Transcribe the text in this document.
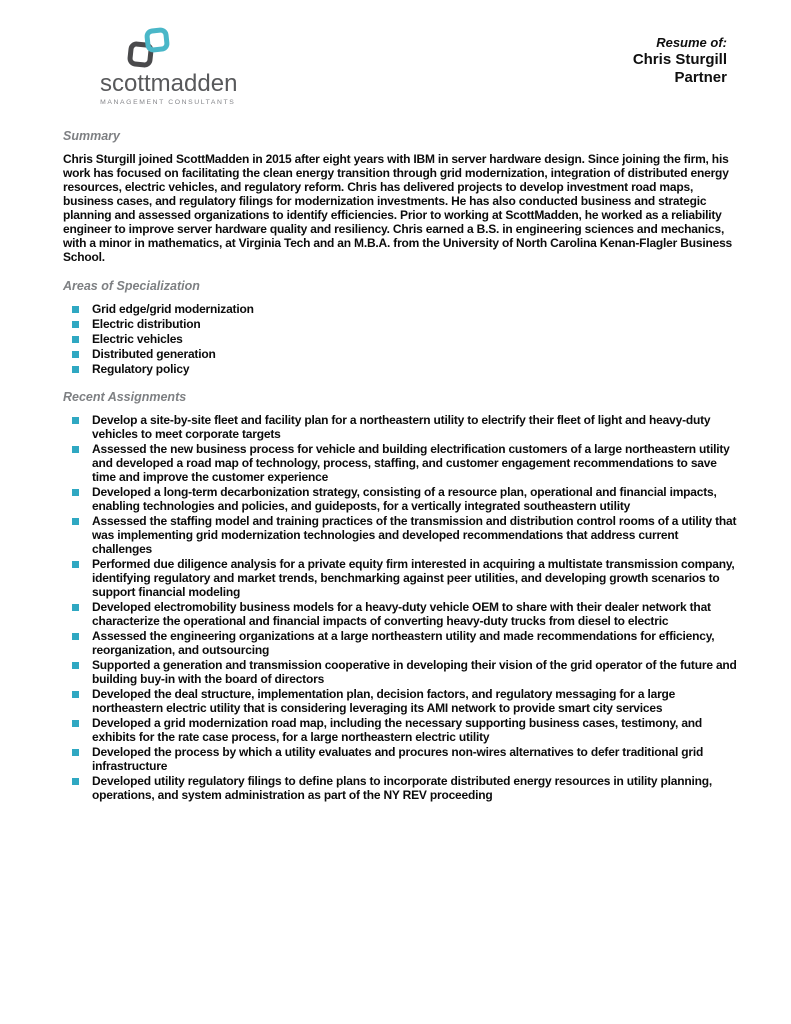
scottmadden
MANAGEMENT CONSULTANTS
Resume of:
Chris Sturgill
Partner
Summary

Chris Sturgill joined ScottMadden in 2015 after eight years with IBM in server hardware design. Since joining the firm, his work has focused on facilitating the clean energy transition through grid modernization, integration of distributed energy resources, electric vehicles, and regulatory reform. Chris has delivered projects to develop investment road maps, business cases, and regulatory filings for modernization investments. He has also conducted business and strategic planning and assessed organizations to identify efficiencies. Prior to working at ScottMadden, he worked as a reliability engineer to improve server hardware quality and resiliency. Chris earned a B.S. in engineering sciences and mechanics, with a minor in mathematics, at Virginia Tech and an M.B.A. from the University of North Carolina Kenan-Flagler Business School.

Areas of Specialization
Grid edge/grid modernization
Electric distribution
Electric vehicles
Distributed generation
Regulatory policy
Recent Assignments
Develop a site-by-site fleet and facility plan for a northeastern utility to electrify their fleet of light and heavy-duty vehicles to meet corporate targets
Assessed the new business process for vehicle and building electrification customers of a large northeastern utility and developed a road map of technology, process, staffing, and customer engagement recommendations to save time and improve the customer experience
Developed a long-term decarbonization strategy, consisting of a resource plan, operational and financial impacts, enabling technologies and policies, and guideposts, for a vertically integrated southeastern utility
Assessed the staffing model and training practices of the transmission and distribution control rooms of a utility that was implementing grid modernization technologies and developed recommendations that address current challenges
Performed due diligence analysis for a private equity firm interested in acquiring a multistate transmission company, identifying regulatory and market trends, benchmarking against peer utilities, and developing growth scenarios to support financial modeling
Developed electromobility business models for a heavy-duty vehicle OEM to share with their dealer network that characterize the operational and financial impacts of converting heavy-duty trucks from diesel to electric
Assessed the engineering organizations at a large northeastern utility and made recommendations for efficiency, reorganization, and outsourcing
Supported a generation and transmission cooperative in developing their vision of the grid operator of the future and building buy-in with the board of directors
Developed the deal structure, implementation plan, decision factors, and regulatory messaging for a large northeastern electric utility that is considering leveraging its AMI network to provide smart city services
Developed a grid modernization road map, including the necessary supporting business cases, testimony, and exhibits for the rate case process, for a large northeastern electric utility
Developed the process by which a utility evaluates and procures non-wires alternatives to defer traditional grid infrastructure
Developed utility regulatory filings to define plans to incorporate distributed energy resources in utility planning, operations, and system administration as part of the NY REV proceeding
